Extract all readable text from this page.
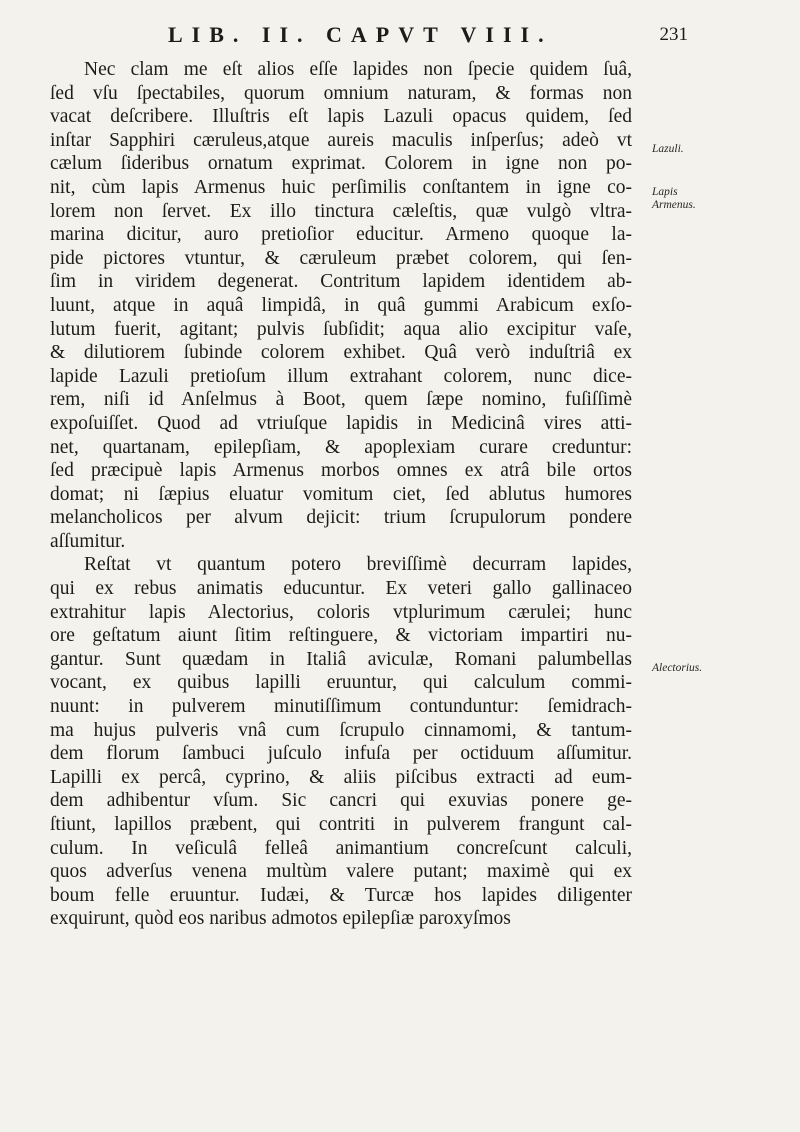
LIB. II. CAPVT VIII.	231
Nec clam me eſt alios eſſe lapides non ſpecie quidem ſuâ,
ſed vſu ſpectabiles, quorum omnium naturam, & formas non
vacat deſcribere. Illuſtris eſt lapis Lazuli opacus quidem, ſed
inſtar Sapphiri cæruleus,atque aureis maculis inſperſus; adeò vt
cælum ſideribus ornatum exprimat. Colorem in igne non po-
nit, cùm lapis Armenus huic perſimilis conſtantem in igne co-
lorem non ſervet. Ex illo tinctura cæleſtis, quæ vulgò vltra-
marina dicitur, auro pretioſior educitur. Armeno quoque la-
pide pictores vtuntur, & cæruleum præbet colorem, qui ſen-
ſim in viridem degenerat. Contritum lapidem identidem ab-
luunt, atque in aquâ limpidâ, in quâ gummi Arabicum exſo-
lutum fuerit, agitant; pulvis ſubſidit; aqua alio excipitur vaſe,
& dilutiorem ſubinde colorem exhibet. Quâ verò induſtriâ ex
lapide Lazuli pretioſum illum extrahant colorem, nunc dice-
rem, niſi id Anſelmus à Boot, quem ſæpe nomino, fuſiſſimè
expoſuiſſet. Quod ad vtriuſque lapidis in Medicinâ vires atti-
net, quartanam, epilepſiam, & apoplexiam curare creduntur:
ſed præcipuè lapis Armenus morbos omnes ex atrâ bile ortos
domat; ni ſæpius eluatur vomitum ciet, ſed ablutus humores
melancholicos per alvum dejicit: trium ſcrupulorum pondere
aſſumitur.
Reſtat vt quantum potero breviſſimè decurram lapides,
qui ex rebus animatis educuntur. Ex veteri gallo gallinaceo
extrahitur lapis Alectorius, coloris vtplurimum cærulei; hunc
ore geſtatum aiunt ſitim reſtinguere, & victoriam impartiri nu-
gantur. Sunt quædam in Italiâ aviculæ, Romani palumbellas
vocant, ex quibus lapilli eruuntur, qui calculum commi-
nuunt: in pulverem minutiſſimum contunduntur: ſemidrach-
ma hujus pulveris vnâ cum ſcrupulo cinnamomi, & tantum-
dem florum ſambuci juſculo infuſa per octiduum aſſumitur.
Lapilli ex percâ, cyprino, & aliis piſcibus extracti ad eum-
dem adhibentur vſum. Sic cancri qui exuvias ponere ge-
ſtiunt, lapillos præbent, qui contriti in pulverem frangunt cal-
culum. In veſiculâ felleâ animantium concreſcunt calculi,
quos adverſus venena multùm valere putant; maximè qui ex
boum felle eruuntur. Iudæi, & Turcæ hos lapides diligenter
exquirunt, quòd eos naribus admotos epilepſiæ paroxyſmos
Lazuli.
Lapis Armenus.
Alectorius.
